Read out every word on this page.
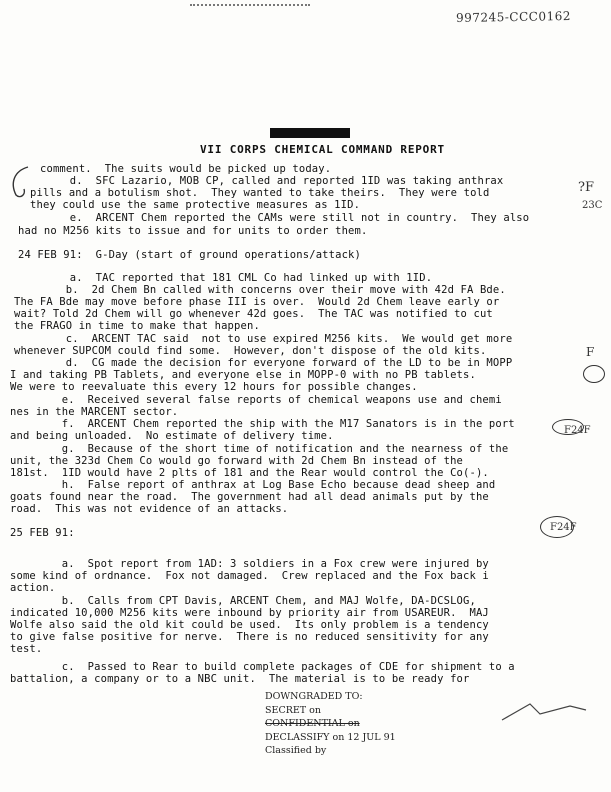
997245-CCC0162
VII CORPS CHEMICAL COMMAND REPORT
comment.  The suits would be picked up today.
d.  SFC Lazario, MOB CP, called and reported 1ID was taking anthrax
pills and a botulism shot.  They wanted to take theirs.  They were told
they could use the same protective measures as 1ID.
e.  ARCENT Chem reported the CAMs were still not in country.  They also
had no M256 kits to issue and for units to order them.
24 FEB 91:  G-Day (start of ground operations/attack)
a.  TAC reported that 181 CML Co had linked up with 1ID.
b.  2d Chem Bn called with concerns over their move with 42d FA Bde.
The FA Bde may move before phase III is over.  Would 2d Chem leave early or
wait? Told 2d Chem will go whenever 42d goes.  The TAC was notified to cut
the FRAGO in time to make that happen.
c.  ARCENT TAC said  not to use expired M256 kits.  We would get more
whenever SUPCOM could find some.  However, don't dispose of the old kits.
d.  CG made the decision for everyone forward of the LD to be in MOPP
I and taking PB Tablets, and everyone else in MOPP-0 with no PB tablets.
We were to reevaluate this every 12 hours for possible changes.
e.  Received several false reports of chemical weapons use and chemi
nes in the MARCENT sector.
f.  ARCENT Chem reported the ship with the M17 Sanators is in the port
and being unloaded.  No estimate of delivery time.
g.  Because of the short time of notification and the nearness of the
unit, the 323d Chem Co would go forward with 2d Chem Bn instead of the
181st.  1ID would have 2 plts of 181 and the Rear would control the Co(-).
h.  False report of anthrax at Log Base Echo because dead sheep and
goats found near the road.  The government had all dead animals put by the
road.  This was not evidence of an attacks.
25 FEB 91:
a.  Spot report from 1AD: 3 soldiers in a Fox crew were injured by
some kind of ordnance.  Fox not damaged.  Crew replaced and the Fox back i
action.
b.  Calls from CPT Davis, ARCENT Chem, and MAJ Wolfe, DA-DCSLOG,
indicated 10,000 M256 kits were inbound by priority air from USAREUR.  MAJ
Wolfe also said the old kit could be used.  Its only problem is a tendency
to give false positive for nerve.  There is no reduced sensitivity for any
test.
c.  Passed to Rear to build complete packages of CDE for shipment to a
battalion, a company or to a NBC unit.  The material is to be ready for
?F
23C
F
F24F
F24F
DOWNGRADED TO:
SECRET on
CONFIDENTIAL on
DECLASSIFY on 12 JUL 91
Classified by
